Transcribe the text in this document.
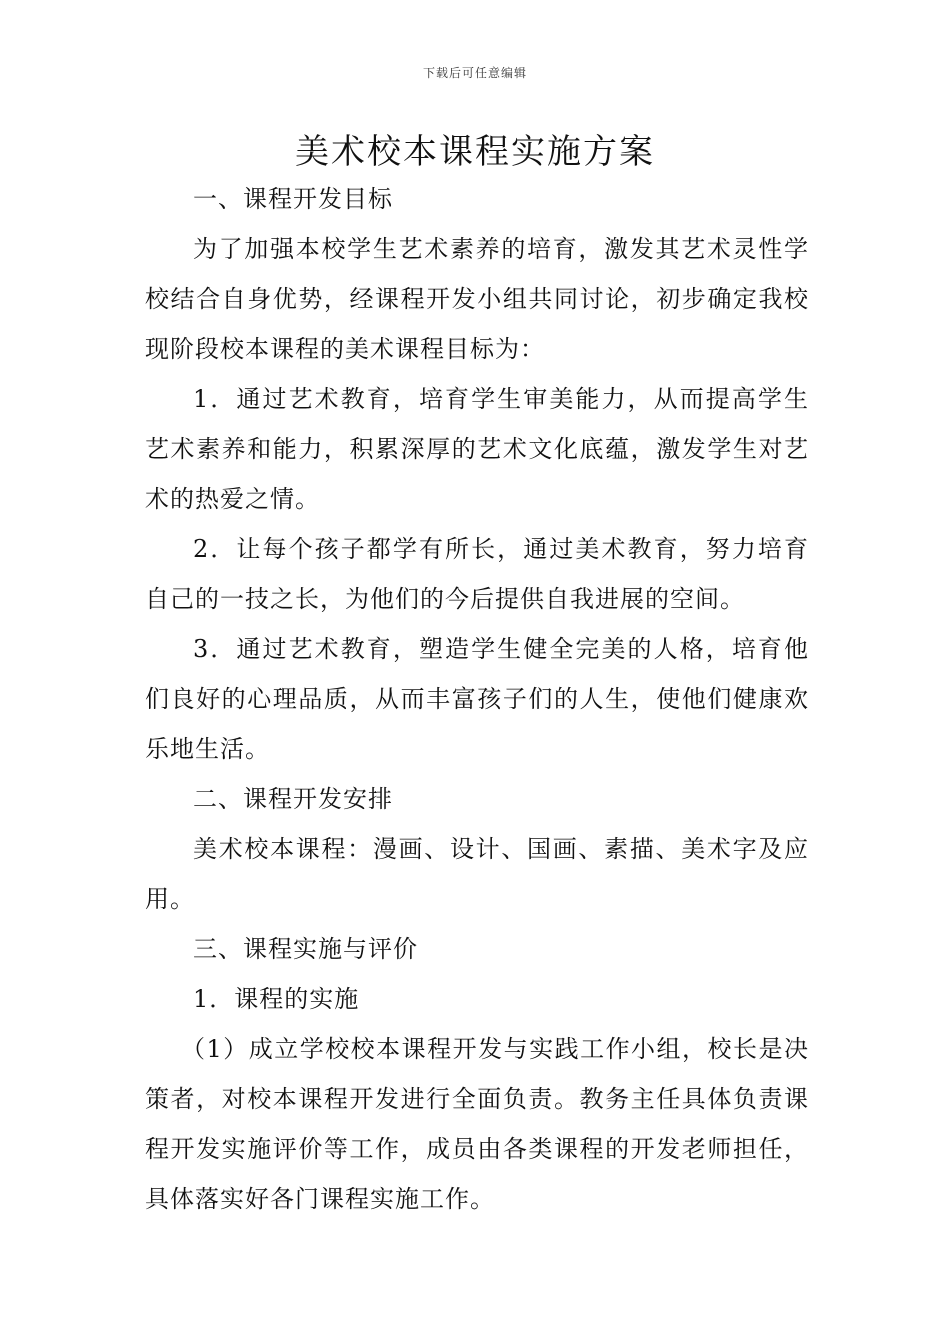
下载后可任意编辑
美术校本课程实施方案

一、课程开发目标

为了加强本校学生艺术素养的培育，激发其艺术灵性学校结合自身优势，经课程开发小组共同讨论，初步确定我校现阶段校本课程的美术课程目标为：

1．通过艺术教育，培育学生审美能力，从而提高学生艺术素养和能力，积累深厚的艺术文化底蕴，激发学生对艺术的热爱之情。

2．让每个孩子都学有所长，通过美术教育，努力培育自己的一技之长，为他们的今后提供自我进展的空间。

3．通过艺术教育，塑造学生健全完美的人格，培育他们良好的心理品质，从而丰富孩子们的人生，使他们健康欢乐地生活。

二、课程开发安排

美术校本课程：漫画、设计、国画、素描、美术字及应用。

三、课程实施与评价

1．课程的实施

（1）成立学校校本课程开发与实践工作小组，校长是决策者，对校本课程开发进行全面负责。教务主任具体负责课程开发实施评价等工作，成员由各类课程的开发老师担任，具体落实好各门课程实施工作。
